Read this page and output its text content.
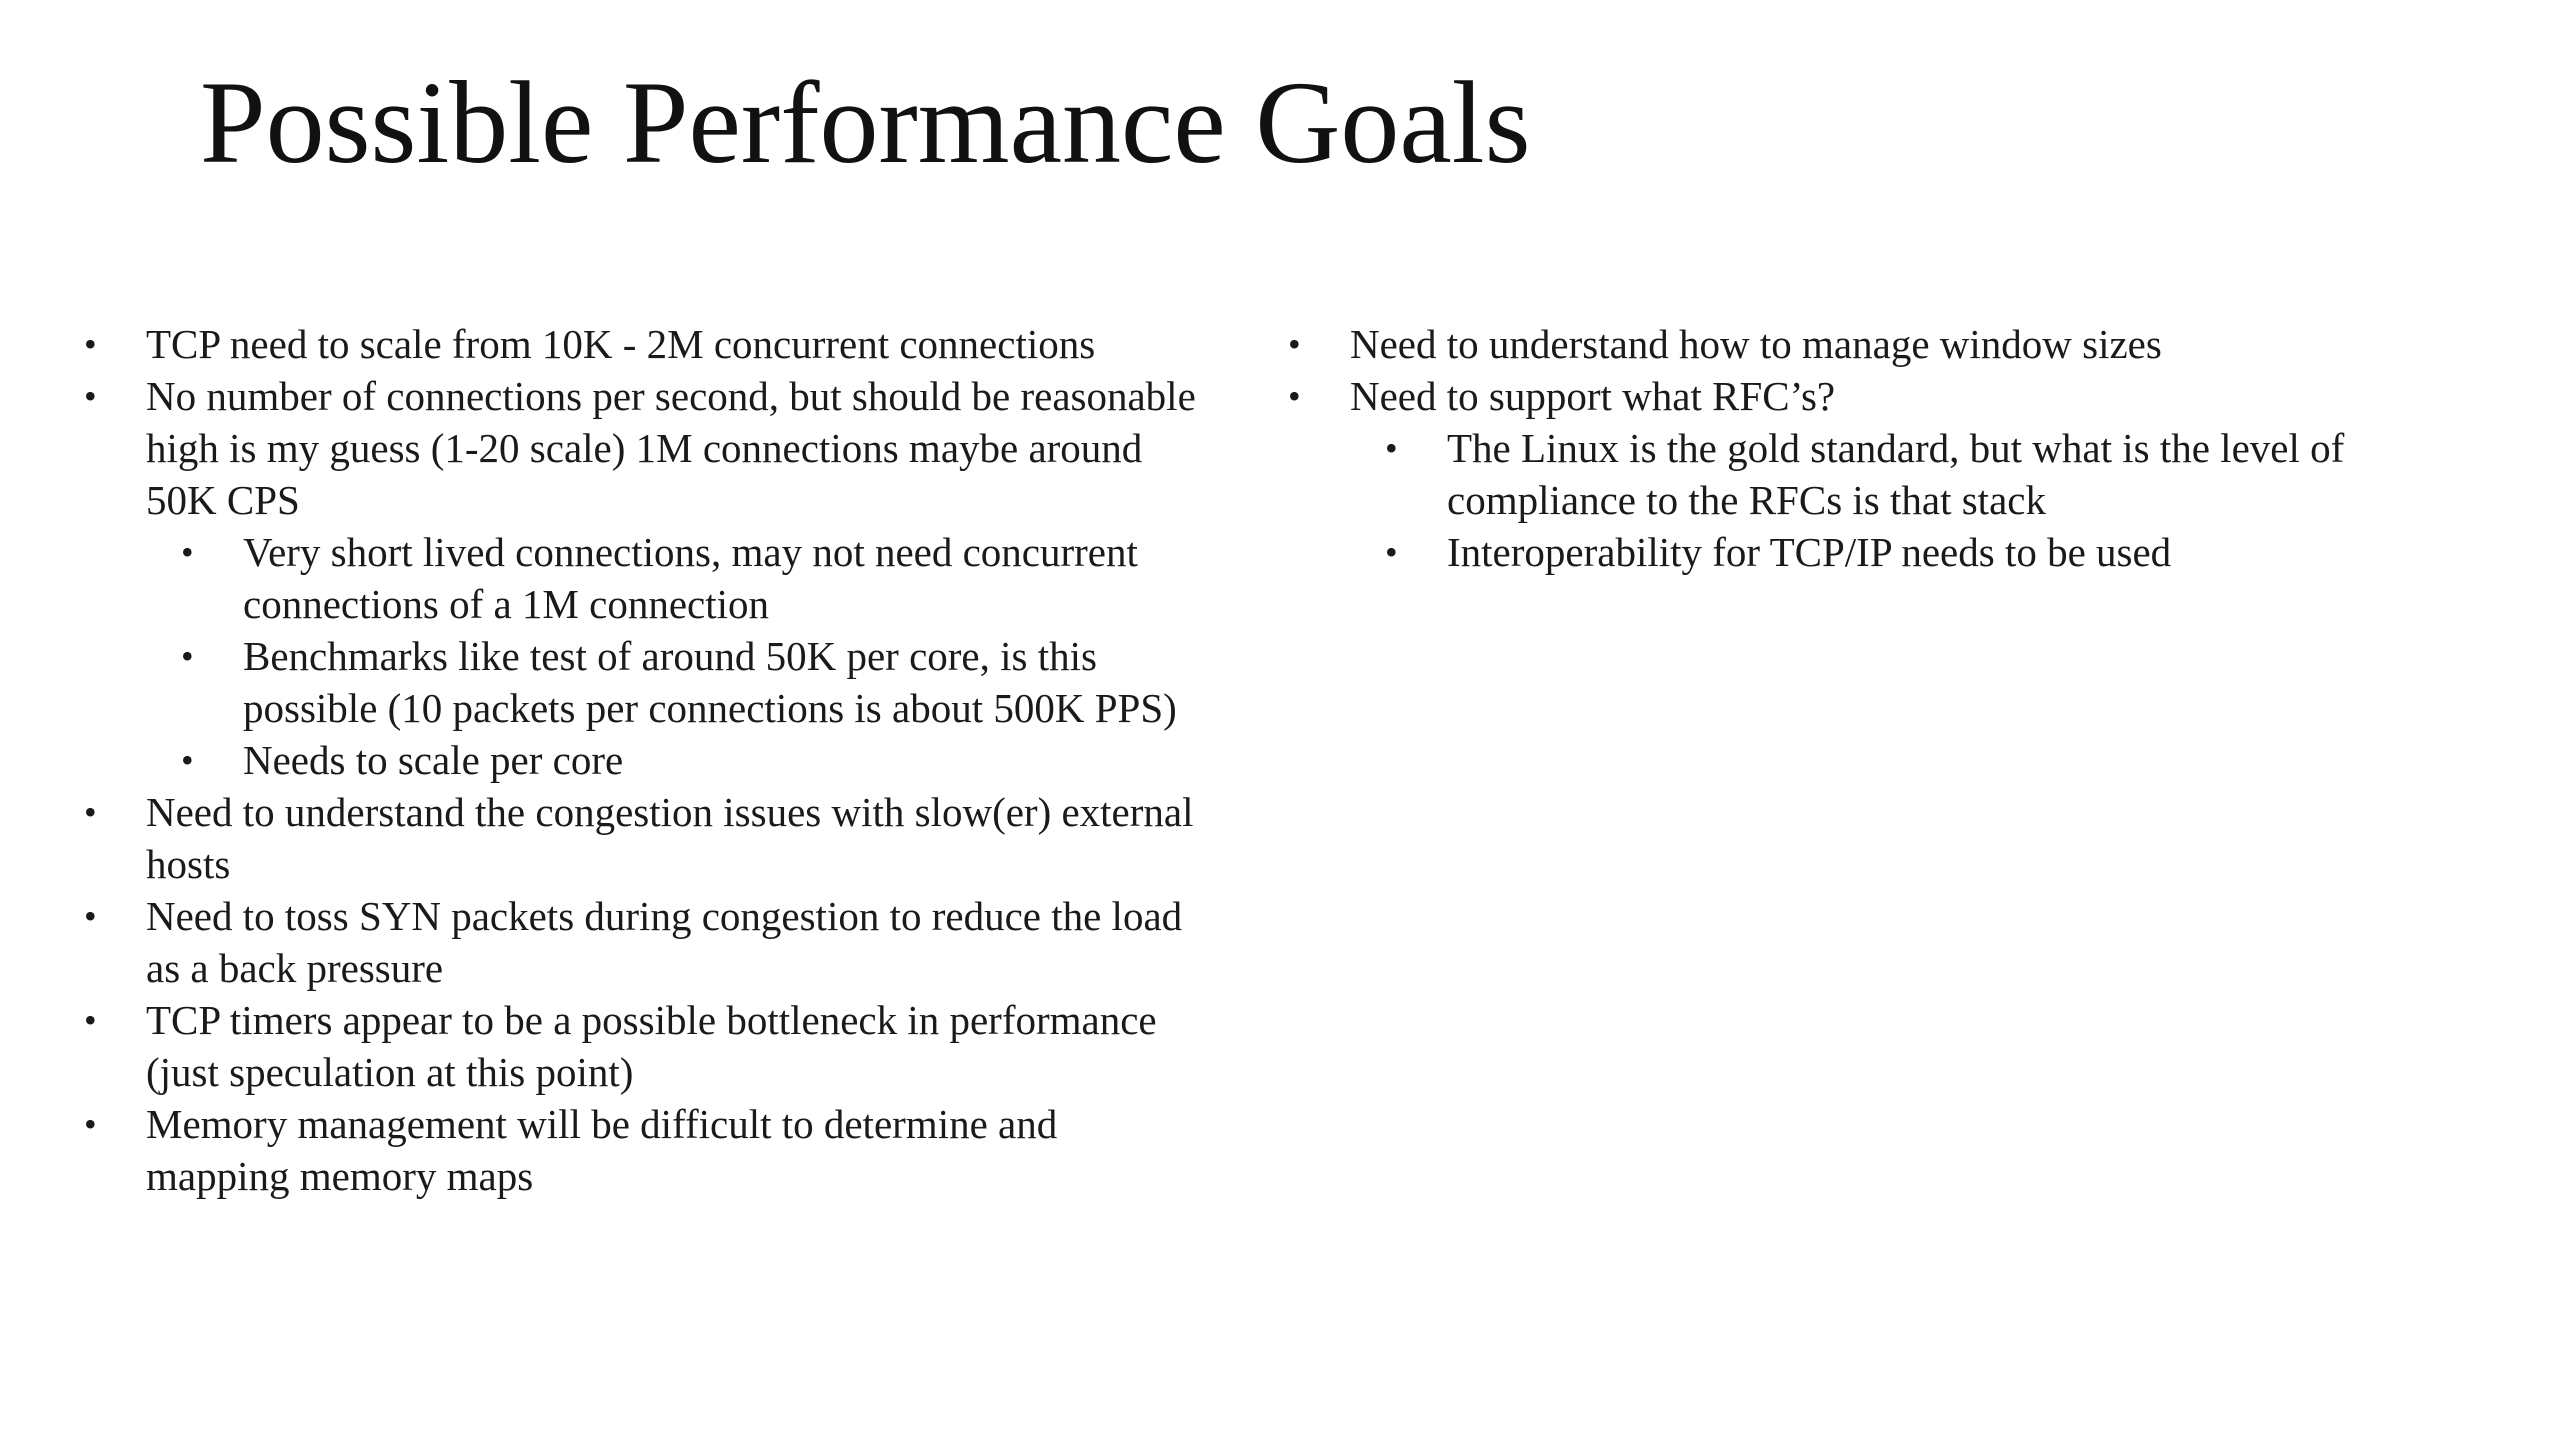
Possible Performance Goals
• TCP need to scale from 10K - 2M concurrent connections
• No number of connections per second, but should be reasonable high is my guess (1-20 scale) 1M connections maybe around 50K CPS
• Very short lived connections, may not need concurrent connections of a 1M connection
• Benchmarks like test of around 50K per core, is this possible (10 packets per connections is about 500K PPS)
• Needs to scale per core
• Need to understand the congestion issues with slow(er) external hosts
• Need to toss SYN packets during congestion to reduce the load as a back pressure
• TCP timers appear to be a possible bottleneck in performance (just speculation at this point)
• Memory management will be difficult to determine and mapping memory maps
• Need to understand how to manage window sizes
• Need to support what RFC’s?
• The Linux is the gold standard, but what is the level of compliance to the RFCs is that stack
• Interoperability for TCP/IP needs to be used
